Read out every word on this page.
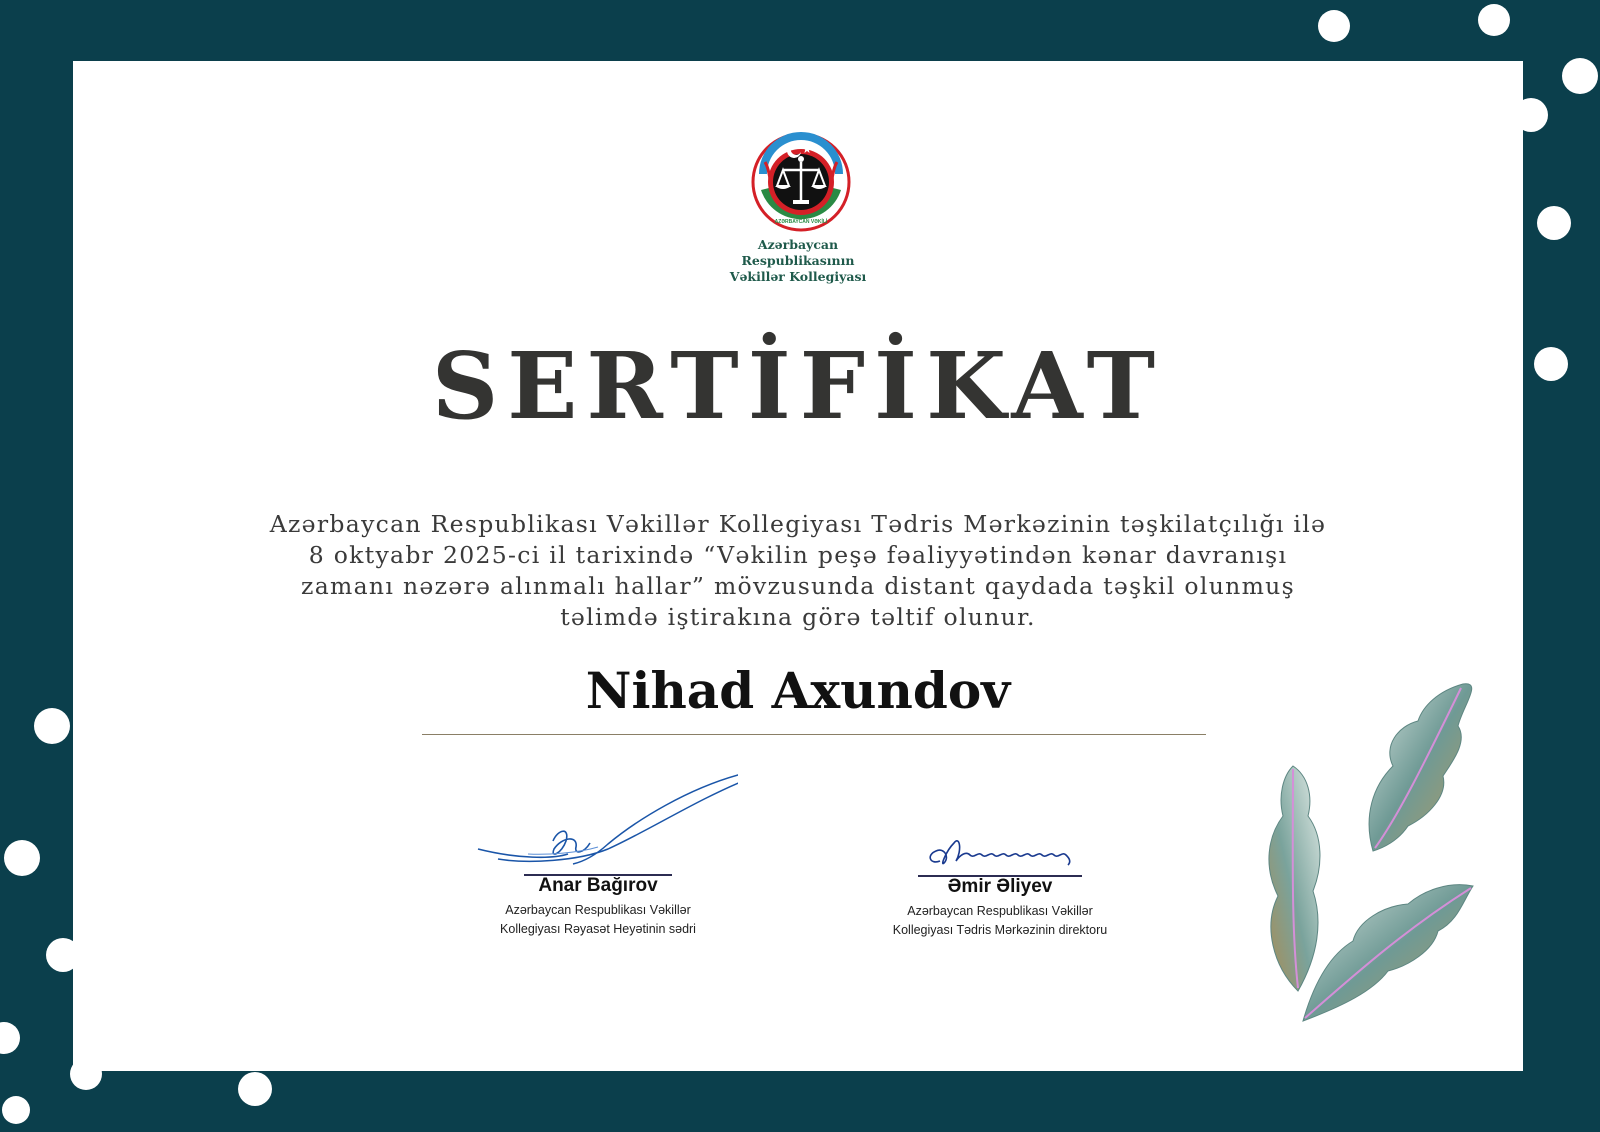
AZƏRBAYCAN VƏKİLİ
Azərbaycan
Respublikasının
Vəkillər Kollegiyası
SERTİFİKAT
Azərbaycan Respublikası Vəkillər Kollegiyası Tədris Mərkəzinin təşkilatçılığı ilə
8 oktyabr 2025-ci il tarixində “Vəkilin peşə fəaliyyətindən kənar davranışı
zamanı nəzərə alınmalı hallar” mövzusunda distant qaydada təşkil olunmuş
təlimdə iştirakına görə təltif olunur.
Nihad Axundov
Anar Bağırov
Azərbaycan Respublikası Vəkillər
Kollegiyası Rəyasət Heyətinin sədri
Əmir Əliyev
Azərbaycan Respublikası Vəkillər
Kollegiyası Tədris Mərkəzinin direktoru
